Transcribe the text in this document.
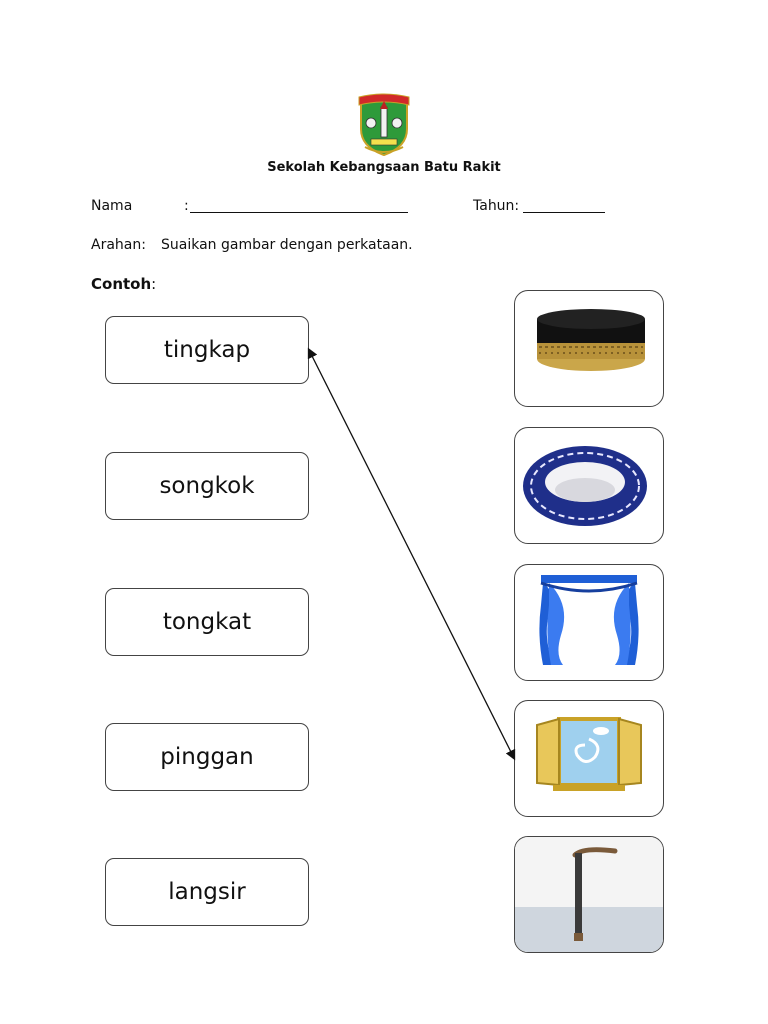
Sekolah Kebangsaan Batu Rakit
Nama	:	Tahun:
Arahan: Suaikan gambar dengan perkataan.
Contoh:
tingkap
songkok
tongkat
pinggan
langsir
